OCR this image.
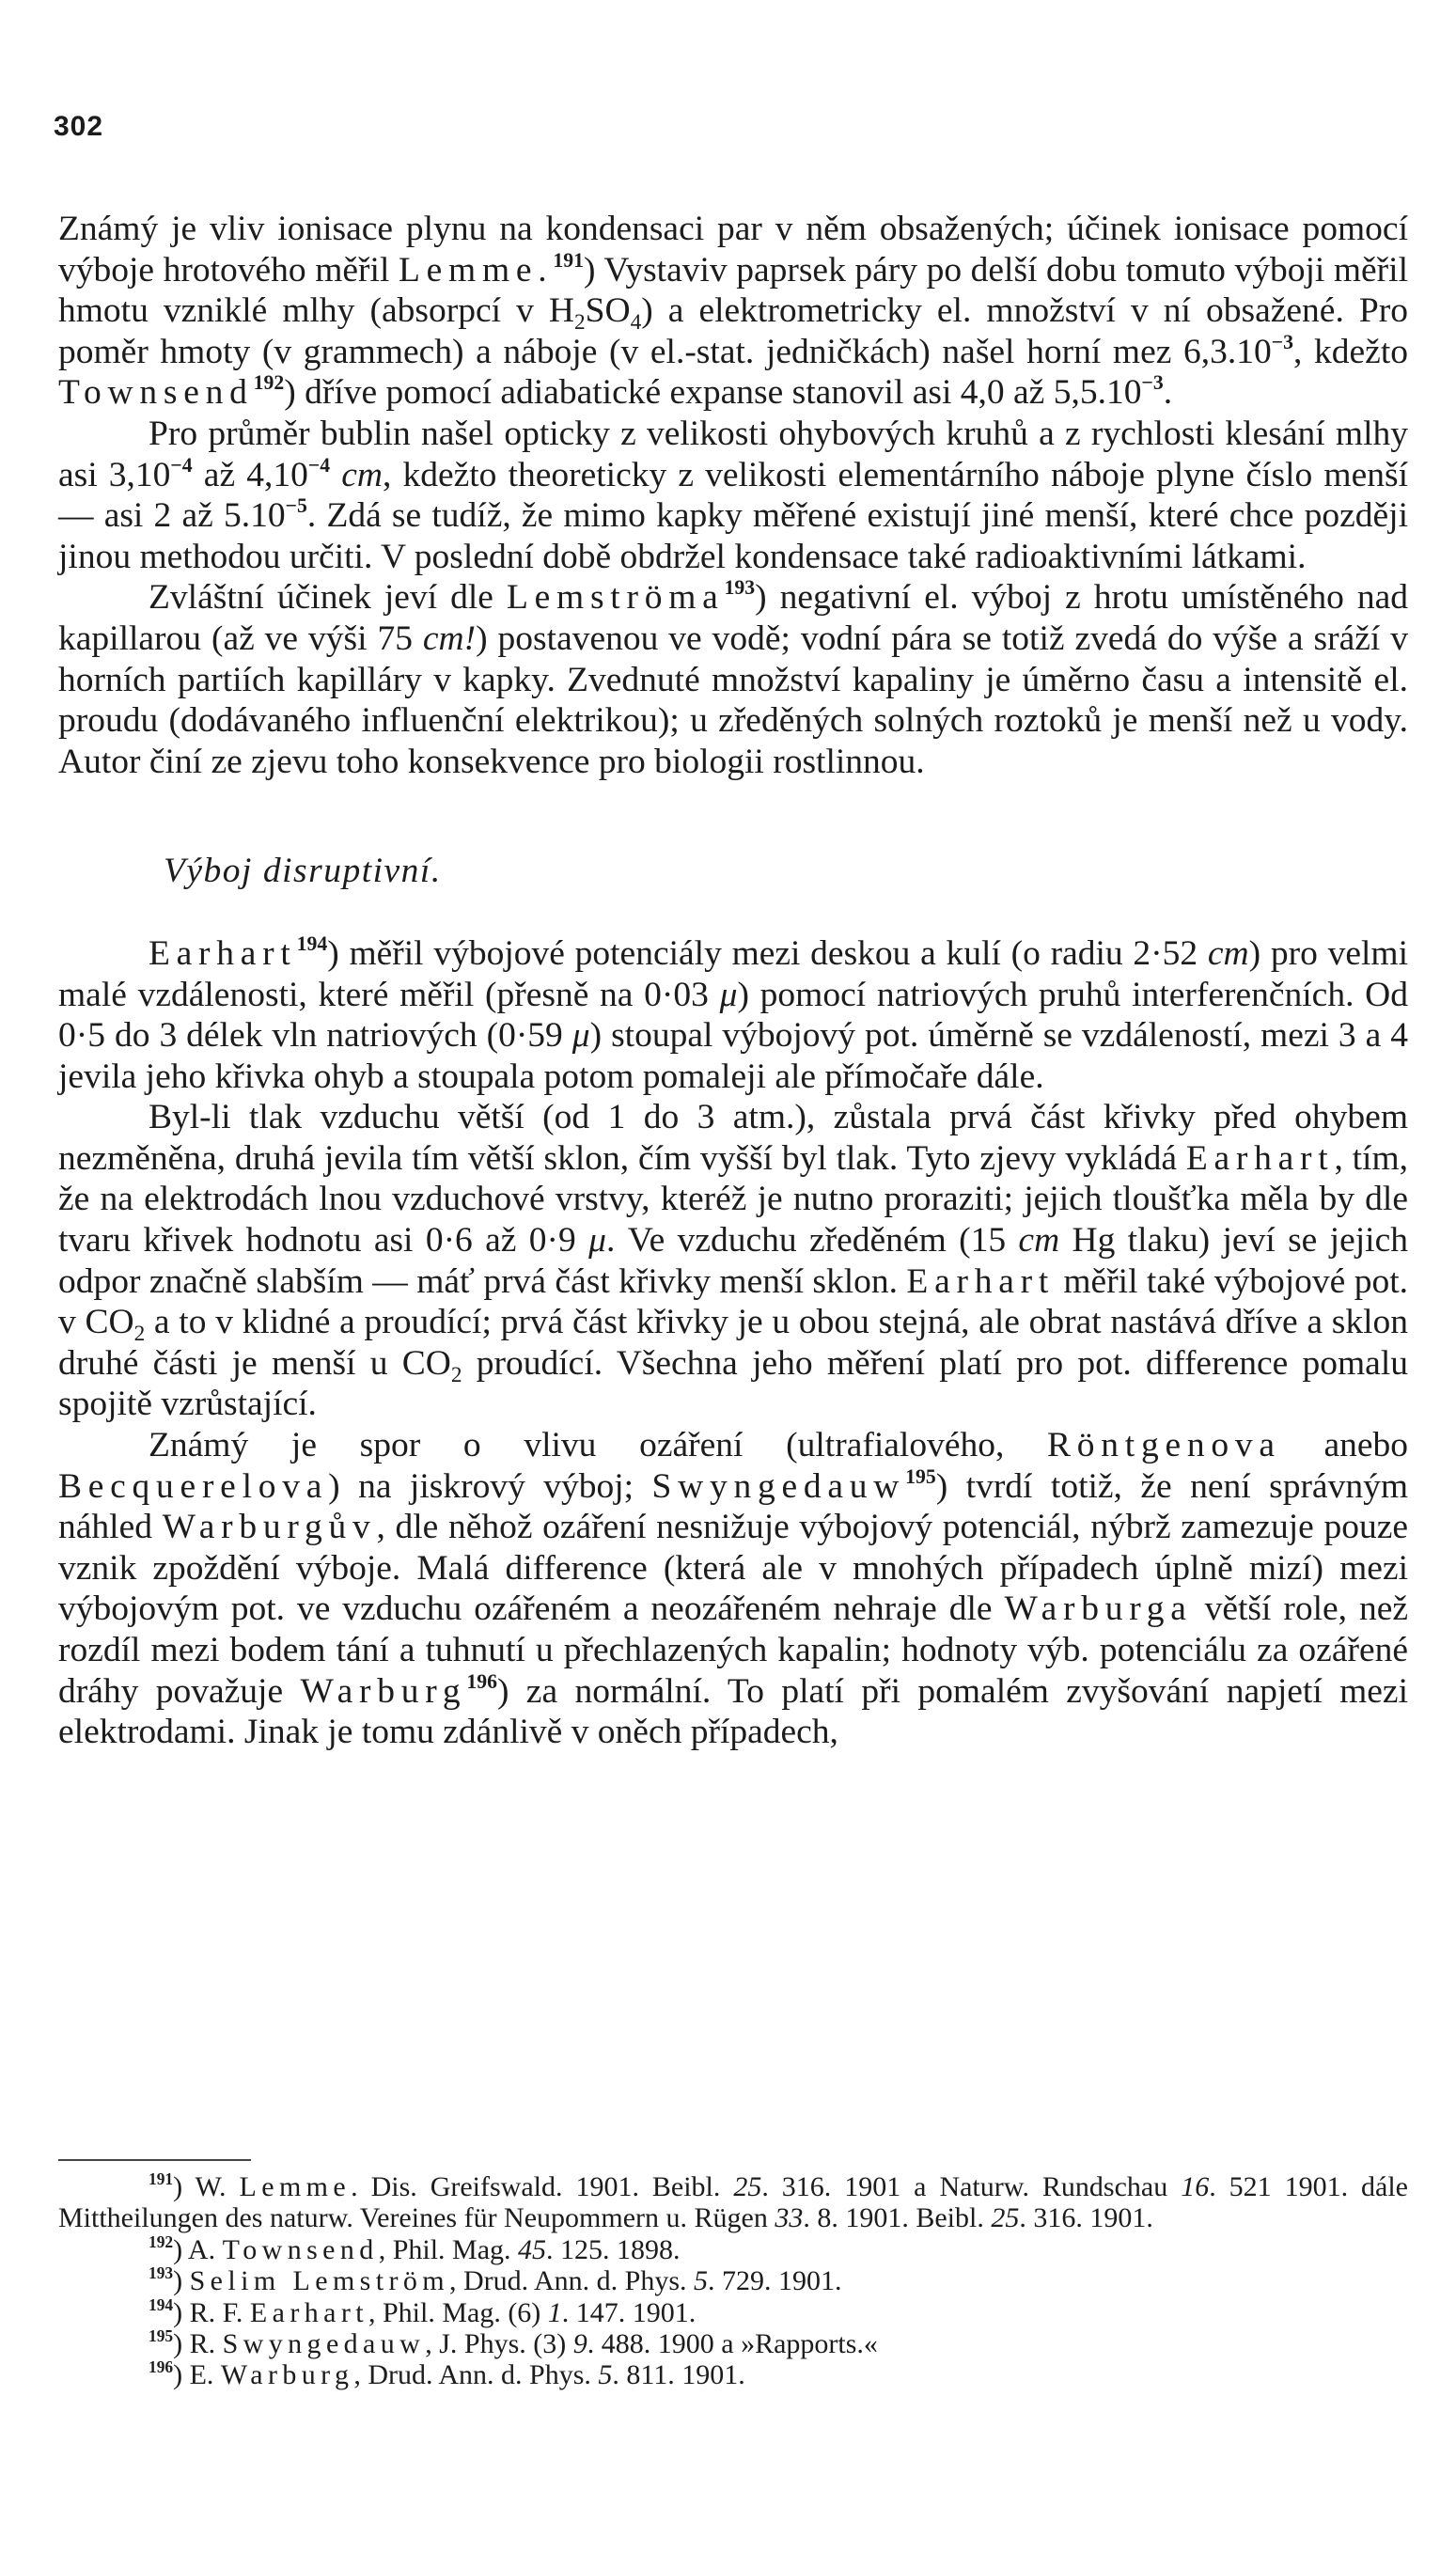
302

Známý je vliv ionisace plynu na kondensaci par v něm obsažených; účinek ionisace pomocí výboje hrotového měřil Lemme.$^{191}$) Vystaviv paprsek páry po delší dobu tomuto výboji měřil hmotu vzniklé mlhy (absorpcí v $H_2SO_4$) a elektrometricky el. množství v ní obsažené. Pro poměr hmoty (v grammech) a náboje (v el.-stat. jedničkách) našel horní mez $6,3.10^{-3}$, kdežto Townsend$^{192}$) dříve pomocí adiabatické expanse stanovil asi 4,0 až $5,5.10^{-3}$.

Pro průměr bublin našel opticky z velikosti ohybových kruhů a z rychlosti klesání mlhy asi $3,10^{-4}$ až $4,10^{-4}$ cm, kdežto theoreticky z velikosti elementárního náboje plyne číslo menší — asi 2 až $5.10^{-5}$. Zdá se tudíž, že mimo kapky měřené existují jiné menší, které chce později jinou methodou určiti. V poslední době obdržel kondensace také radioaktivními látkami.

Zvláštní účinek jeví dle Lemströma$^{193}$) negativní el. výboj z hrotu umístěného nad kapillarou (až ve výši 75 cm!) postavenou ve vodě; vodní pára se totiž zvedá do výše a sráží v horních partiích kapilláry v kapky. Zvednuté množství kapaliny je úměrno času a intensitě el. proudu (dodávaného influenční elektrikou); u zředěných solných roztoků je menší než u vody. Autor činí ze zjevu toho konsekvence pro biologii rostlinnou.

Výboj disruptivní.

Earhart$^{194}$) měřil výbojové potenciály mezi deskou a kulí (o radiu 2·52 cm) pro velmi malé vzdálenosti, které měřil (přesně na 0·03 μ) pomocí natriových pruhů interferenčních. Od 0·5 do 3 délek vln natriových (0·59 μ) stoupal výbojový pot. úměrně se vzdáleností, mezi 3 a 4 jevila jeho křivka ohyb a stoupala potom pomaleji ale přímočaře dále.

Byl-li tlak vzduchu větší (od 1 do 3 atm.), zůstala prvá část křivky před ohybem nezměněna, druhá jevila tím větší sklon, čím vyšší byl tlak. Tyto zjevy vykládá Earhart, tím, že na elektrodách lnou vzduchové vrstvy, kteréž je nutno proraziti; jejich tloušťka měla by dle tvaru křivek hodnotu asi 0·6 až 0·9 μ. Ve vzduchu zředěném (15 cm Hg tlaku) jeví se jejich odpor značně slabším — máť prvá část křivky menší sklon. Earhart měřil také výbojové pot. v $CO_2$ a to v klidné a proudící; prvá část křivky je u obou stejná, ale obrat nastává dříve a sklon druhé části je menší u $CO_2$ proudící. Všechna jeho měření platí pro pot. difference pomalu spojitě vzrůstající.

Známý je spor o vlivu ozáření (ultrafialového, Röntgenova anebo Becquerelova) na jiskrový výboj; Swyngedauw$^{195}$) tvrdí totiž, že není správným náhled Warburgův, dle něhož ozáření nesnižuje výbojový potenciál, nýbrž zamezuje pouze vznik zpoždění výboje. Malá difference (která ale v mnohých případech úplně mizí) mezi výbojovým pot. ve vzduchu ozářeném a neozářeném nehraje dle Warburga větší role, než rozdíl mezi bodem tání a tuhnutí u přechlazených kapalin; hodnoty výb. potenciálu za ozářené dráhy považuje Warburg$^{196}$) za normální. To platí při pomalém zvyšování napjetí mezi elektrodami. Jinak je tomu zdánlivě v oněch případech,

$^{191}$) W. Lemme. Dis. Greifswald. 1901. Beibl. 25. 316. 1901 a Naturw. Rundschau 16. 521 1901. dále Mittheilungen des naturw. Vereines für Neupommern u. Rügen 33. 8. 1901. Beibl. 25. 316. 1901.

$^{192}$) A. Townsend, Phil. Mag. 45. 125. 1898.

$^{193}$) Selim Lemström, Drud. Ann. d. Phys. 5. 729. 1901.

$^{194}$) R. F. Earhart, Phil. Mag. (6) 1. 147. 1901.

$^{195}$) R. Swyngedauw, J. Phys. (3) 9. 488. 1900 a »Rapports.«

$^{196}$) E. Warburg, Drud. Ann. d. Phys. 5. 811. 1901.
